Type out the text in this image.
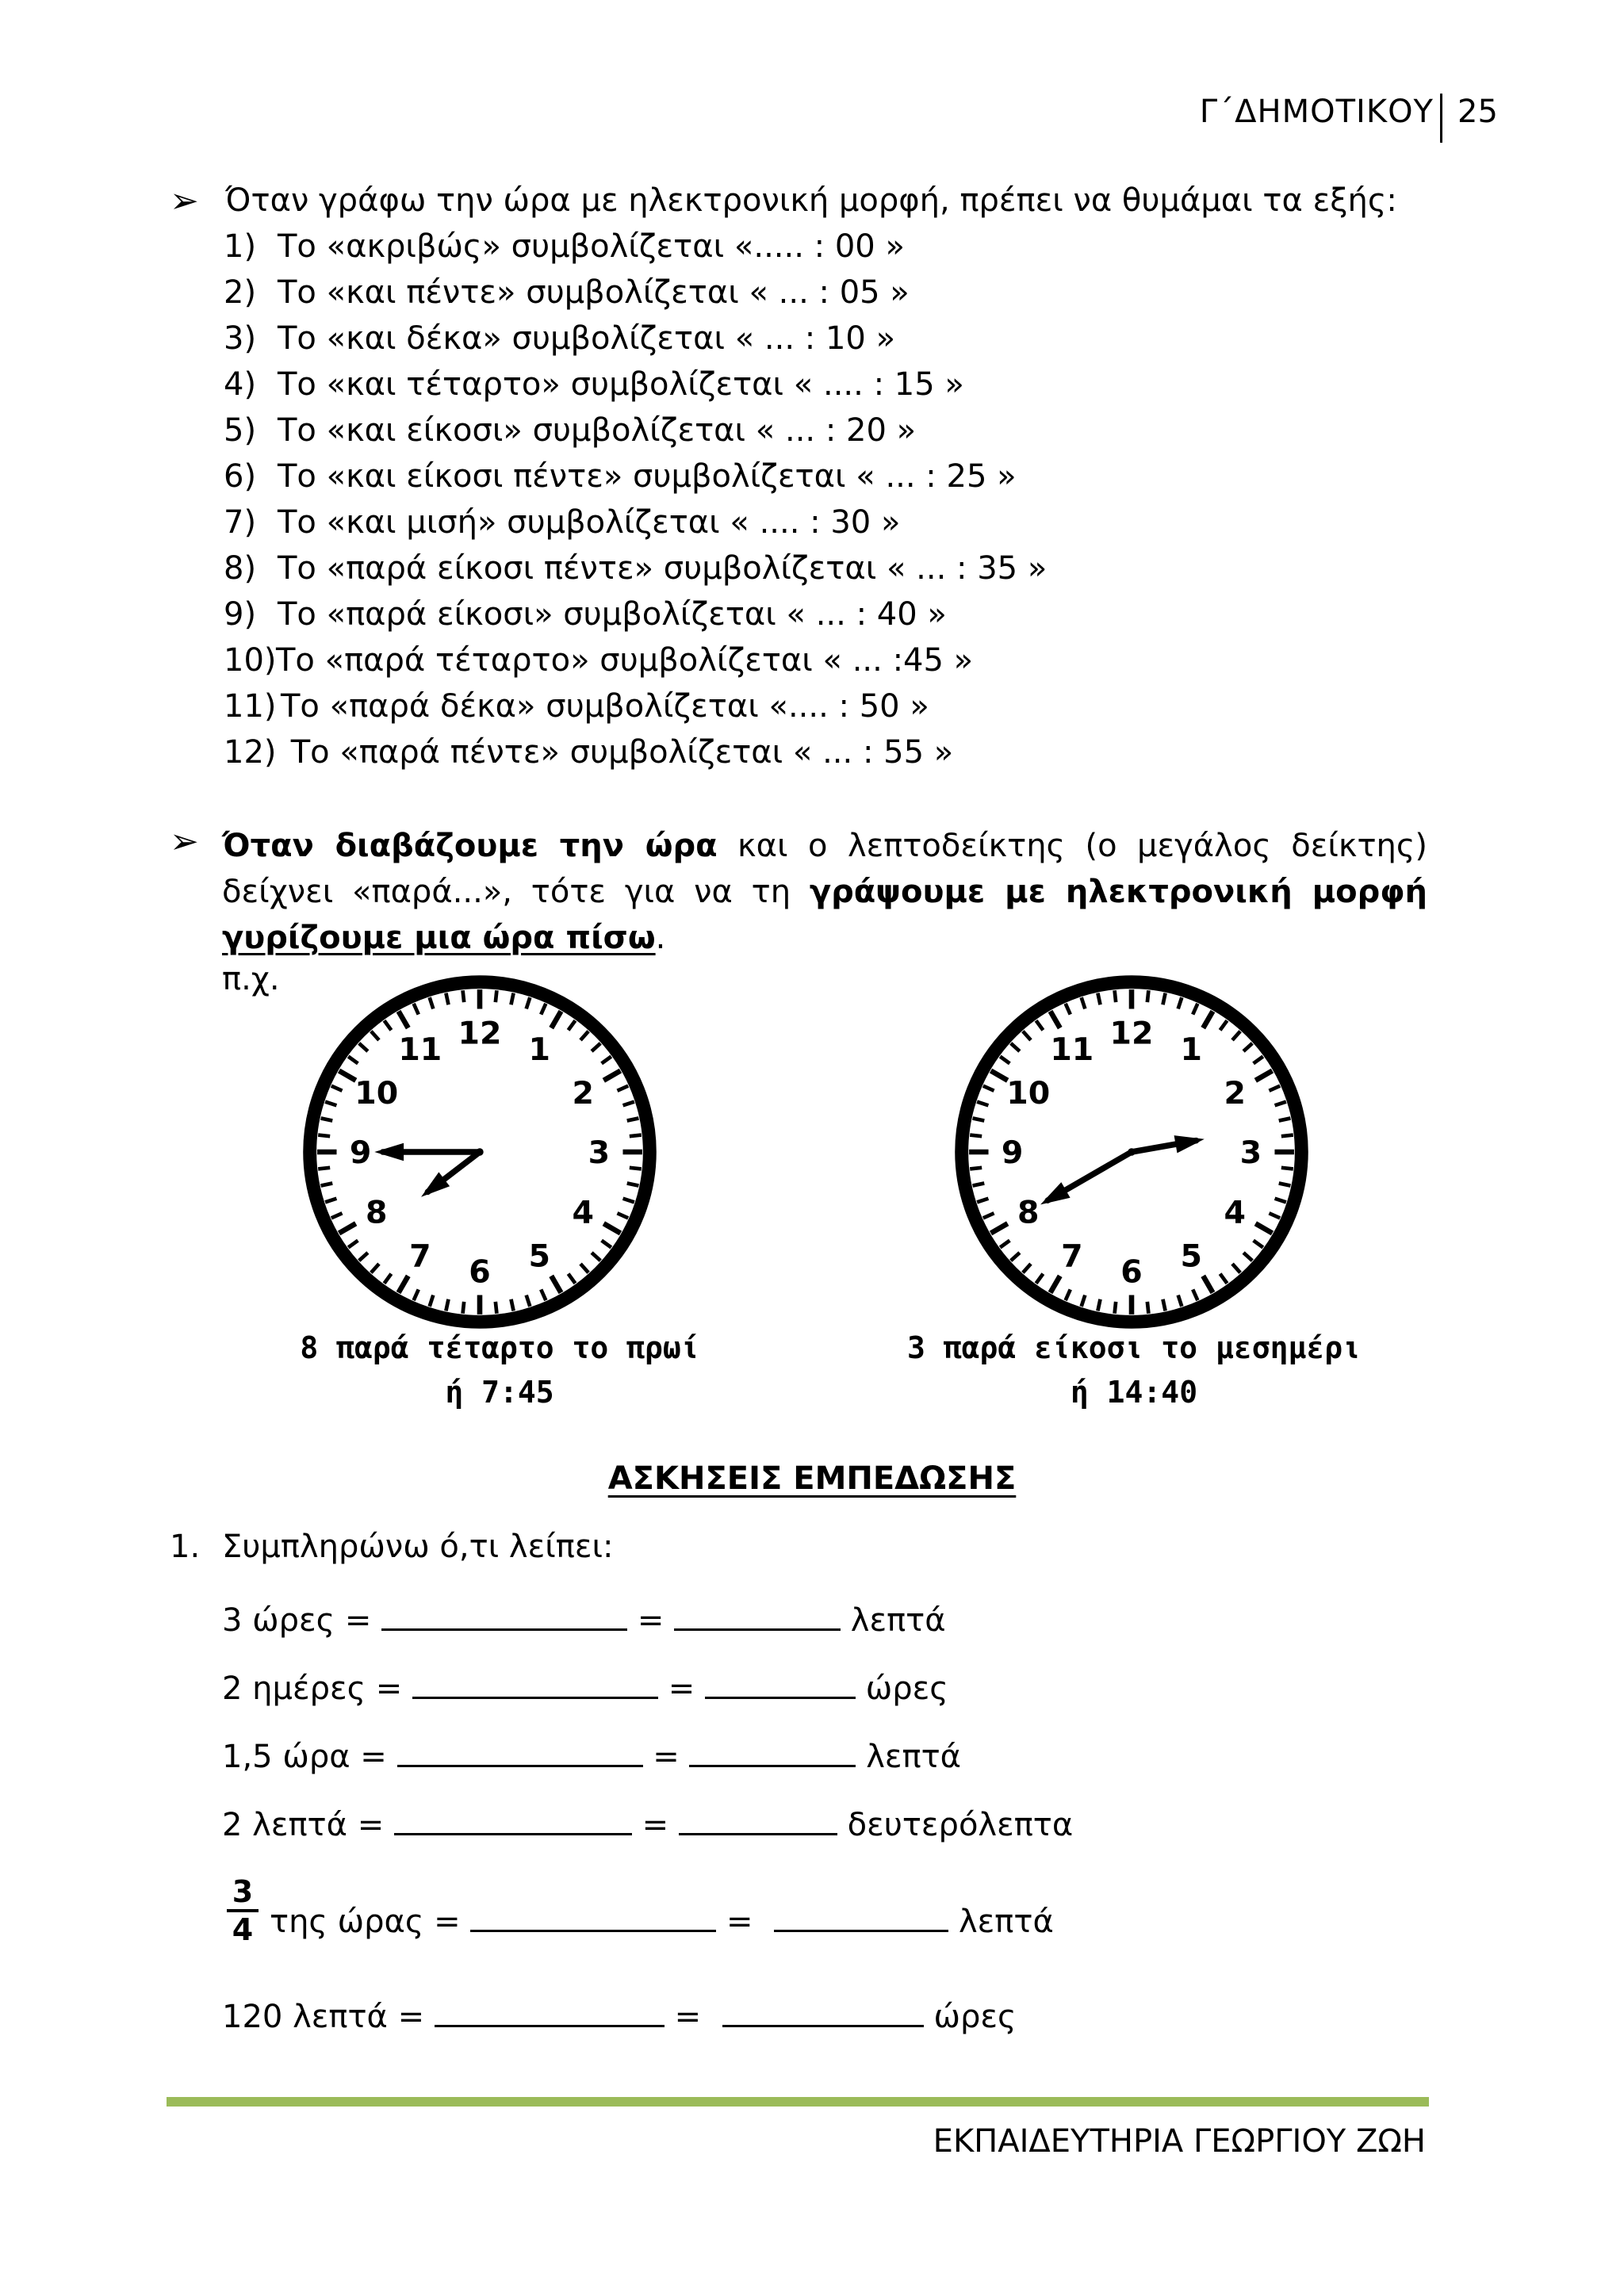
Γ΄ΔΗΜΟΤΙΚΟΥ 25
➢ Όταν γράφω την ώρα με ηλεκτρονική μορφή, πρέπει να θυμάμαι τα εξής:
1) Το «ακριβώς» συμβολίζεται «..... : 00 »
2) Το «και πέντε» συμβολίζεται « ... : 05 »
3) Το «και δέκα» συμβολίζεται « ... : 10 »
4) Το «και τέταρτο» συμβολίζεται « .... : 15 »
5) Το «και είκοσι» συμβολίζεται « ... : 20 »
6) Το «και είκοσι πέντε» συμβολίζεται « ... : 25 »
7) Το «και μισή» συμβολίζεται « .... : 30 »
8) Το «παρά είκοσι πέντε» συμβολίζεται « ... : 35 »
9) Το «παρά είκοσι» συμβολίζεται « ... : 40 »
10)Το «παρά τέταρτο» συμβολίζεται « ... :45 »
11) Το «παρά δέκα» συμβολίζεται «.... : 50 »
12) Το «παρά πέντε» συμβολίζεται « ... : 55 »
➢ Όταν διαβάζουμε την ώρα και ο λεπτοδείκτης (ο μεγάλος δείκτης) δείχνει «παρά...», τότε για να τη γράψουμε με ηλεκτρονική μορφή γυρίζουμε μια ώρα πίσω.
π.χ.
12 1
2
3
4
5
6
7
8
9
10
11	12 1
2
3
4
5
6
7
8
9
10
11
8 παρά τέταρτο το πρωί
ή 7:45
3 παρά είκοσι το μεσημέρι
ή 14:40
ΑΣΚΗΣΕΙΣ ΕΜΠΕΔΩΣΗΣ
1. Συμπληρώνω ό,τι λείπει:
3 ώρες =	=	λεπτά
2 ημέρες =	=	ώρες
1,5 ώρα =	=	λεπτά
2 λεπτά =	=	δευτερόλεπτα
3
4 της ώρας =	=	λεπτά
120 λεπτά =	=	ώρες
ΕΚΠΑΙΔΕΥΤΗΡΙΑ ΓΕΩΡΓΙΟΥ ΖΩΗ
